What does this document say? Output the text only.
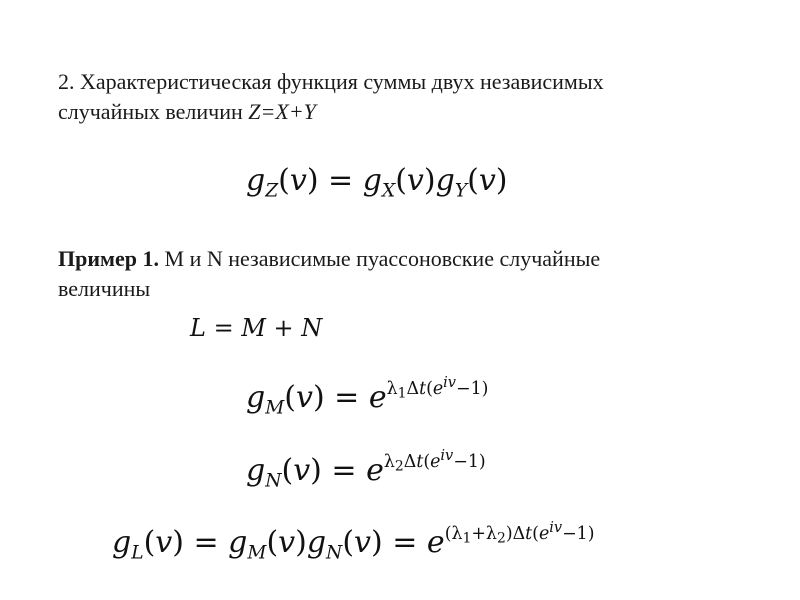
2. Характеристическая функция суммы двух независимых
случайных величин Z=X+Y
$g_Z(v) = g_X(v)g_Y(v)$
Пример 1. M и N независимые пуассоновские случайные
величины
L = M + N
$g_M(v) = e^{\lambda_1\Delta t(e^{iv}-1)}$
$g_N(v) = e^{\lambda_2\Delta t(e^{iv}-1)}$
$g_L(v) = g_M(v)g_N(v) = e^{(\lambda_1+\lambda_2)\Delta t(e^{iv}-1)}$
